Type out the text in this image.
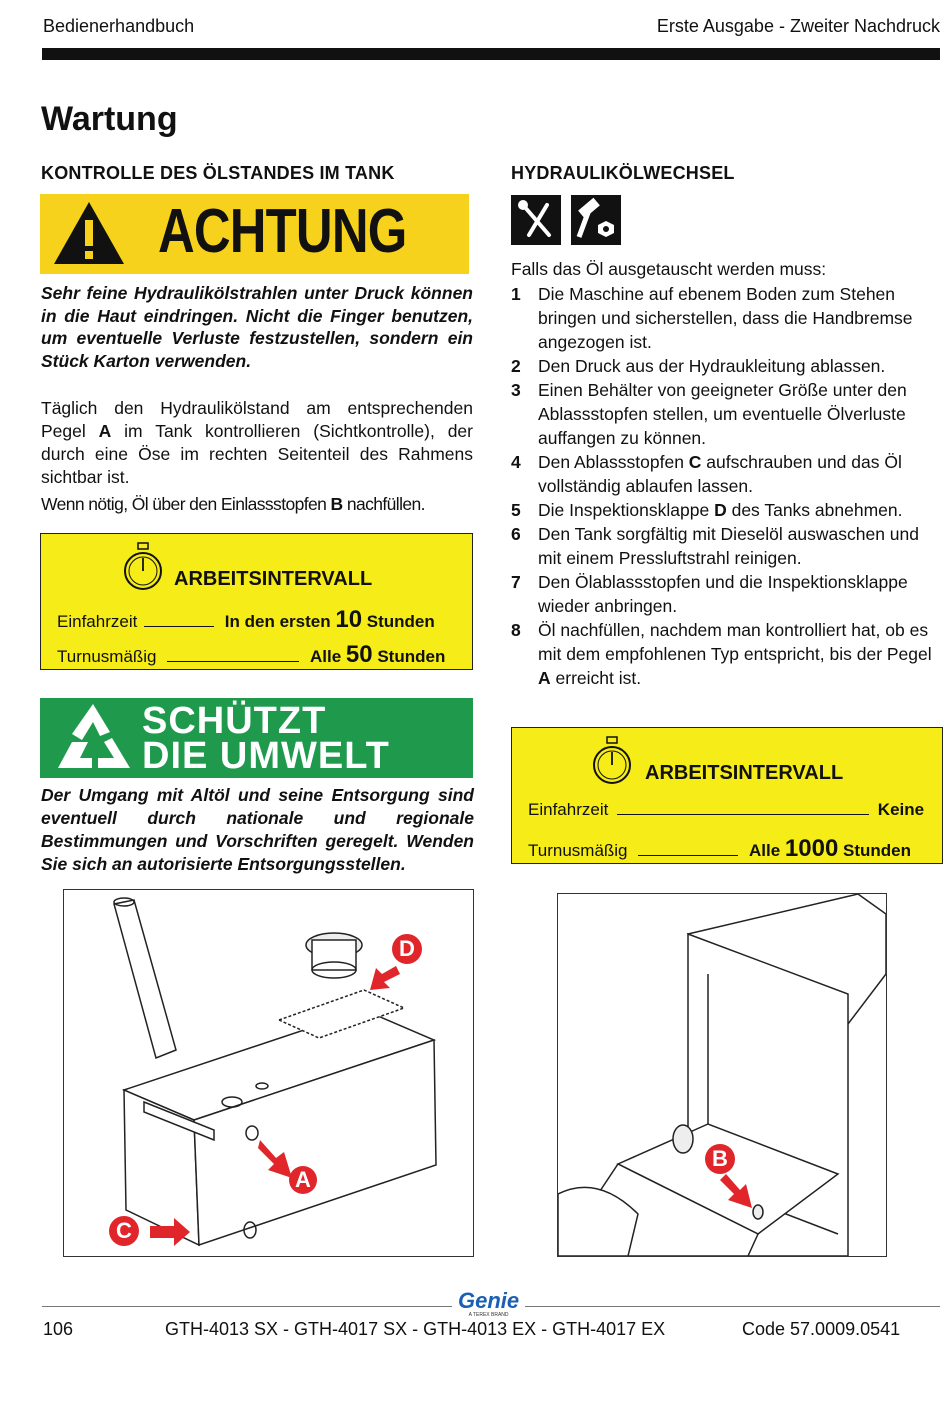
Bedienerhandbuch	Erste Ausgabe - Zweiter Nachdruck
Wartung
KONTROLLE DES ÖLSTANDES IM TANK
ACHTUNG
Sehr feine Hydraulikölstrahlen unter Druck können in die Haut eindringen. Nicht die Finger benutzen, um eventuelle Verluste festzustellen, sondern ein Stück Karton verwenden.
Täglich den Hydraulikölstand am entsprechenden Pegel A im Tank kontrollieren (Sichtkontrolle), der durch eine Öse im rechten Seitenteil des Rahmens sichtbar ist.
Wenn nötig, Öl über den Einlassstopfen B nachfüllen.
ARBEITSINTERVALL
Einfahrzeit	In den ersten 10 Stunden
Turnusmäßig	Alle 50 Stunden
SCHÜTZT
DIE UMWELT
Der Umgang mit Altöl und seine Entsorgung sind eventuell durch nationale und regionale Bestimmungen und Vorschriften geregelt. Wenden Sie sich an autorisierte Entsorgungsstellen.
A
C
D
HYDRAULIKÖLWECHSEL
Falls das Öl ausgetauscht werden muss:
1 Die Maschine auf ebenem Boden zum Stehen bringen und sicherstellen, dass die Handbremse angezogen ist.
2 Den Druck aus der Hydraukleitung ablassen.
3 Einen Behälter von geeigneter Größe unter den Ablassstopfen stellen, um eventuelle Ölverluste auffangen zu können.
4 Den Ablassstopfen C aufschrauben und das Öl vollständig ablaufen lassen.
5 Die Inspektionsklappe D des Tanks abnehmen.
6 Den Tank sorgfältig mit Dieselöl auswaschen und mit einem Pressluftstrahl reinigen.
7 Den Ölablassstopfen und die Inspektionsklappe wieder anbringen.
8 Öl nachfüllen, nachdem man kontrolliert hat, ob es mit dem empfohlenen Typ entspricht, bis der Pegel A erreicht ist.
ARBEITSINTERVALL
Einfahrzeit	Keine
Turnusmäßig	Alle 1000 Stunden
B
Genie
A TEREX BRAND
106	GTH-4013 SX - GTH-4017 SX - GTH-4013 EX - GTH-4017 EX	Code 57.0009.0541
